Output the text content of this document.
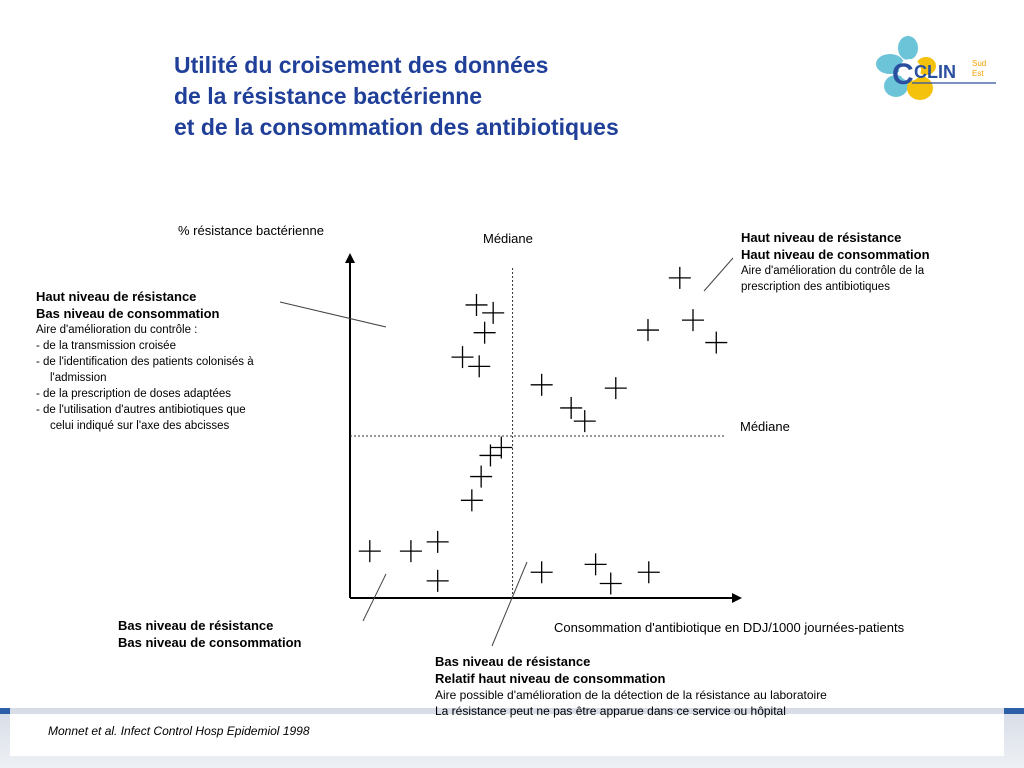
Utilité du croisement des données
de la résistance bactérienne
et de la consommation des antibiotiques
C CLIN Sud
Est
% résistance bactérienne
Consommation d'antibiotique en DDJ/1000 journées-patients
Médiane
Médiane
Haut niveau de résistance
Bas niveau de consommation
Aire d'amélioration du contrôle :
- de la transmission croisée
- de l'identification des patients colonisés à
l'admission
- de la prescription de doses adaptées
- de l'utilisation d'autres antibiotiques que
celui indiqué sur l'axe des abcisses
Haut niveau de résistance
Haut niveau de consommation
Aire d'amélioration du contrôle de la
prescription des antibiotiques
Bas niveau de résistance
Bas niveau de consommation
Bas niveau de résistance
Relatif haut niveau de consommation
Aire possible d'amélioration de la détection de la résistance au laboratoire
La résistance peut ne pas être apparue dans ce service ou hôpital
Monnet et al. Infect Control Hosp Epidemiol 1998
